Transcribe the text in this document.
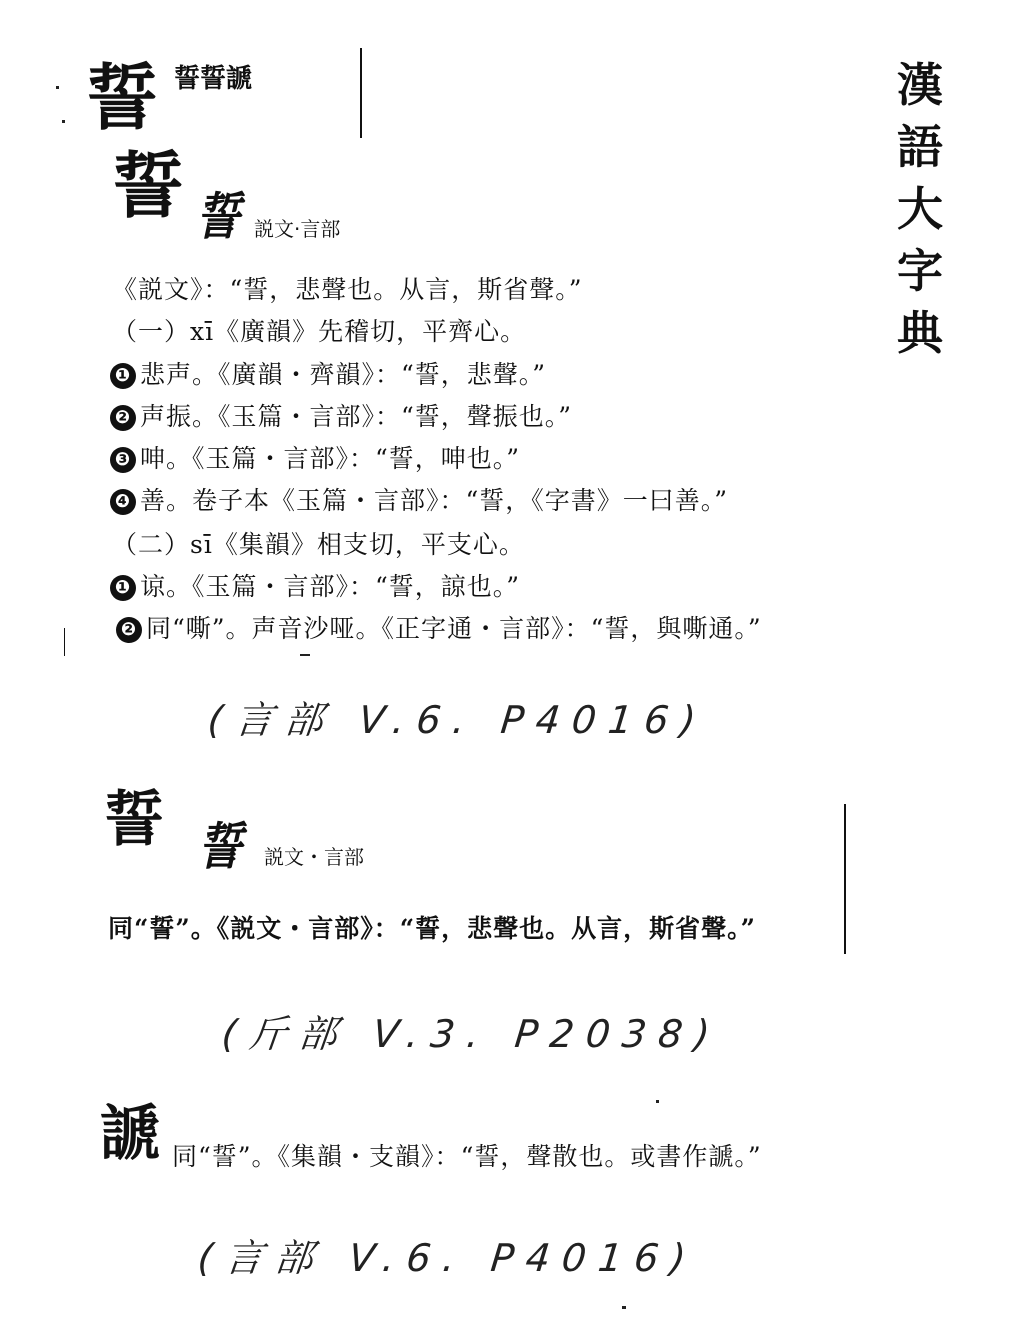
誓 誓誓謕	漢
語
大
字
典
誓 誓 説文·言部
《説文》：“誓，悲聲也。从言，斯省聲。”
（一）xī《廣韻》先稽切，平齊心。
❶ 悲声。《廣韻・齊韻》：“誓，悲聲。”
❷ 声振。《玉篇・言部》：“誓，聲振也。”
❸ 呻。《玉篇・言部》：“誓，呻也。”
❹ 善。卷子本《玉篇・言部》：“誓，《字書》一曰善。”
（二）sī《集韻》相支切，平支心。
❶ 谅。《玉篇・言部》：“誓，諒也。”
❷ 同“嘶”。声音沙哑。《正字通・言部》：“誓，與嘶通。”
(言部 V.6. P4016)
誓 誓 説文・言部
同“誓”。《説文・言部》：“誓，悲聲也。从言，斯省聲。”
(斤部 V.3. P2038)
謕 同“誓”。《集韻・支韻》：“誓，聲散也。或書作謕。”
(言部 V.6. P4016)
